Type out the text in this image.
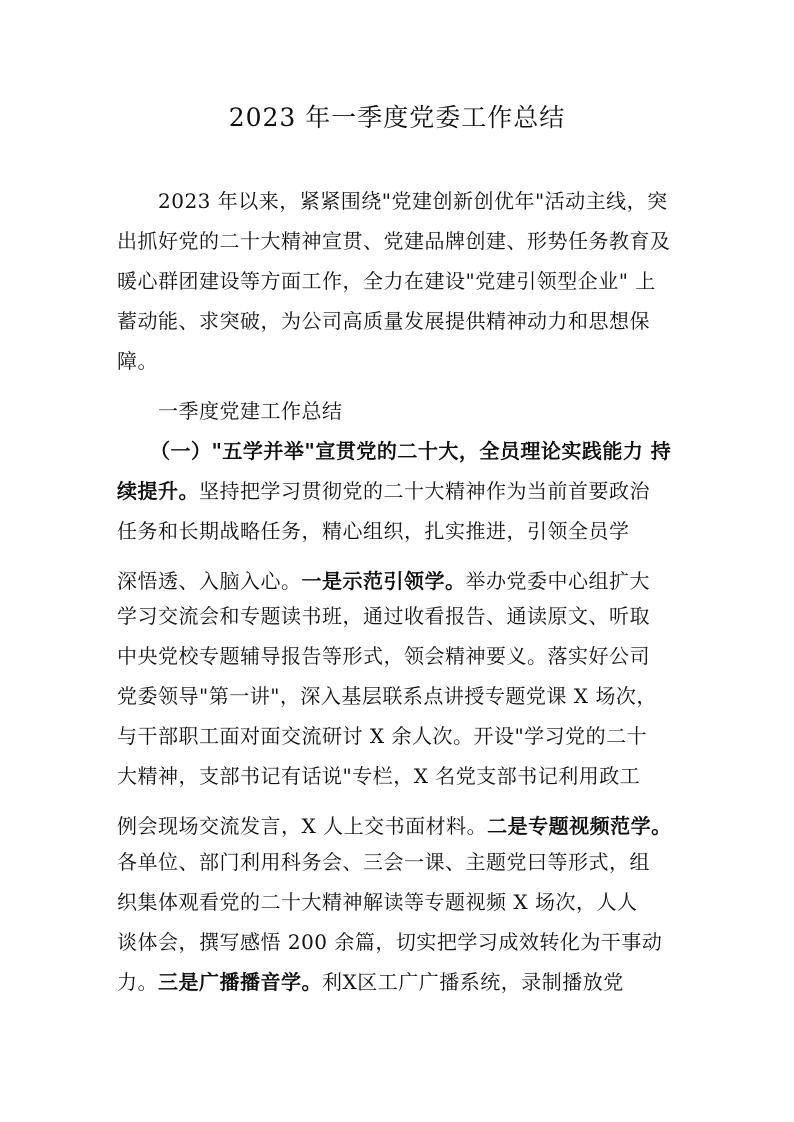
2023 年一季度党委工作总结
2023 年以来，紧紧围绕"党建创新创优年"活动主线，突
出抓好党的二十大精神宣贯、党建品牌创建、形势任务教育及
暖心群团建设等方面工作，全力在建设"党建引领型企业" 上
蓄动能、求突破，为公司高质量发展提供精神动力和思想保
障。
一季度党建工作总结
（一）"五学并举"宣贯党的二十大，全员理论实践能力 持
续提升。坚持把学习贯彻党的二十大精神作为当前首要政治
任务和长期战略任务，精心组织，扎实推进，引领全员学
深悟透、入脑入心。一是示范引领学。举办党委中心组扩大
学习交流会和专题读书班，通过收看报告、通读原文、听取
中央党校专题辅导报告等形式，领会精神要义。落实好公司
党委领导"第一讲"，深入基层联系点讲授专题党课 X 场次，
与干部职工面对面交流研讨 X 余人次。开设"学习党的二十
大精神，支部书记有话说"专栏，X 名党支部书记利用政工
例会现场交流发言，X 人上交书面材料。二是专题视频范学。
各单位、部门利用科务会、三会一课、主题党曰等形式，组
织集体观看党的二十大精神解读等专题视频 X 场次，人人
谈体会，撰写感悟 200 余篇，切实把学习成效转化为干事动
力。三是广播播音学。利X区工广广播系统，录制播放党
